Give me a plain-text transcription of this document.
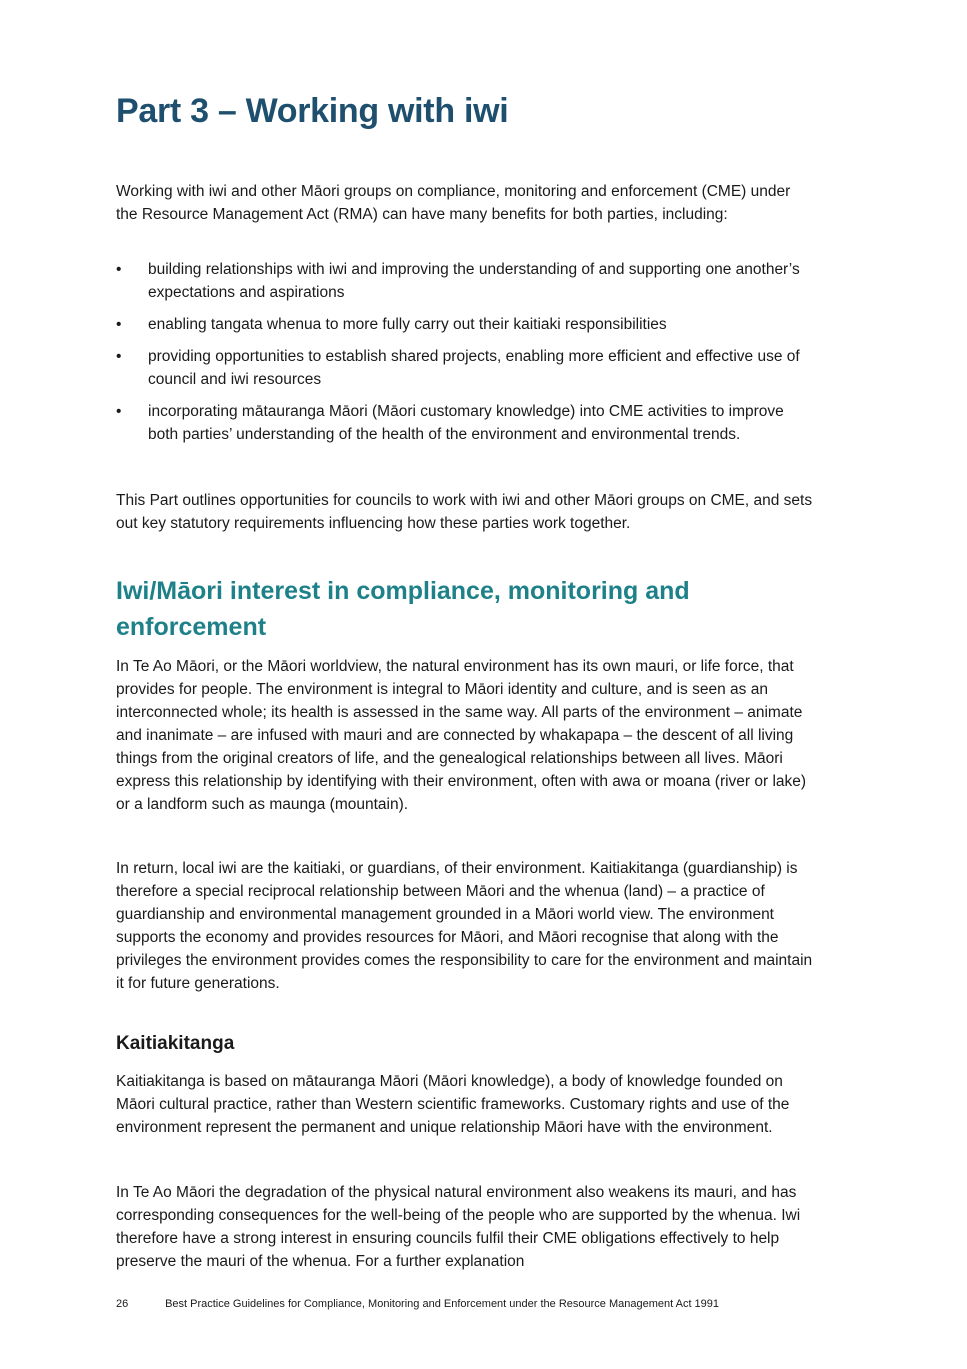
Part 3 – Working with iwi

Working with iwi and other Māori groups on compliance, monitoring and enforcement (CME) under the Resource Management Act (RMA) can have many benefits for both parties, including:

• building relationships with iwi and improving the understanding of and supporting one another’s expectations and aspirations
• enabling tangata whenua to more fully carry out their kaitiaki responsibilities
• providing opportunities to establish shared projects, enabling more efficient and effective use of council and iwi resources
• incorporating mātauranga Māori (Māori customary knowledge) into CME activities to improve both parties’ understanding of the health of the environment and environmental trends.

This Part outlines opportunities for councils to work with iwi and other Māori groups on CME, and sets out key statutory requirements influencing how these parties work together.

Iwi/Māori interest in compliance, monitoring and enforcement

In Te Ao Māori, or the Māori worldview, the natural environment has its own mauri, or life force, that provides for people. The environment is integral to Māori identity and culture, and is seen as an interconnected whole; its health is assessed in the same way. All parts of the environment – animate and inanimate – are infused with mauri and are connected by whakapapa – the descent of all living things from the original creators of life, and the genealogical relationships between all lives. Māori express this relationship by identifying with their environment, often with awa or moana (river or lake) or a landform such as maunga (mountain).

In return, local iwi are the kaitiaki, or guardians, of their environment. Kaitiakitanga (guardianship) is therefore a special reciprocal relationship between Māori and the whenua (land) – a practice of guardianship and environmental management grounded in a Māori world view. The environment supports the economy and provides resources for Māori, and Māori recognise that along with the privileges the environment provides comes the responsibility to care for the environment and maintain it for future generations.

Kaitiakitanga

Kaitiakitanga is based on mātauranga Māori (Māori knowledge), a body of knowledge founded on Māori cultural practice, rather than Western scientific frameworks. Customary rights and use of the environment represent the permanent and unique relationship Māori have with the environment.

In Te Ao Māori the degradation of the physical natural environment also weakens its mauri, and has corresponding consequences for the well-being of the people who are supported by the whenua. Iwi therefore have a strong interest in ensuring councils fulfil their CME obligations effectively to help preserve the mauri of the whenua. For a further explanation

26	Best Practice Guidelines for Compliance, Monitoring and Enforcement under the Resource Management Act 1991
